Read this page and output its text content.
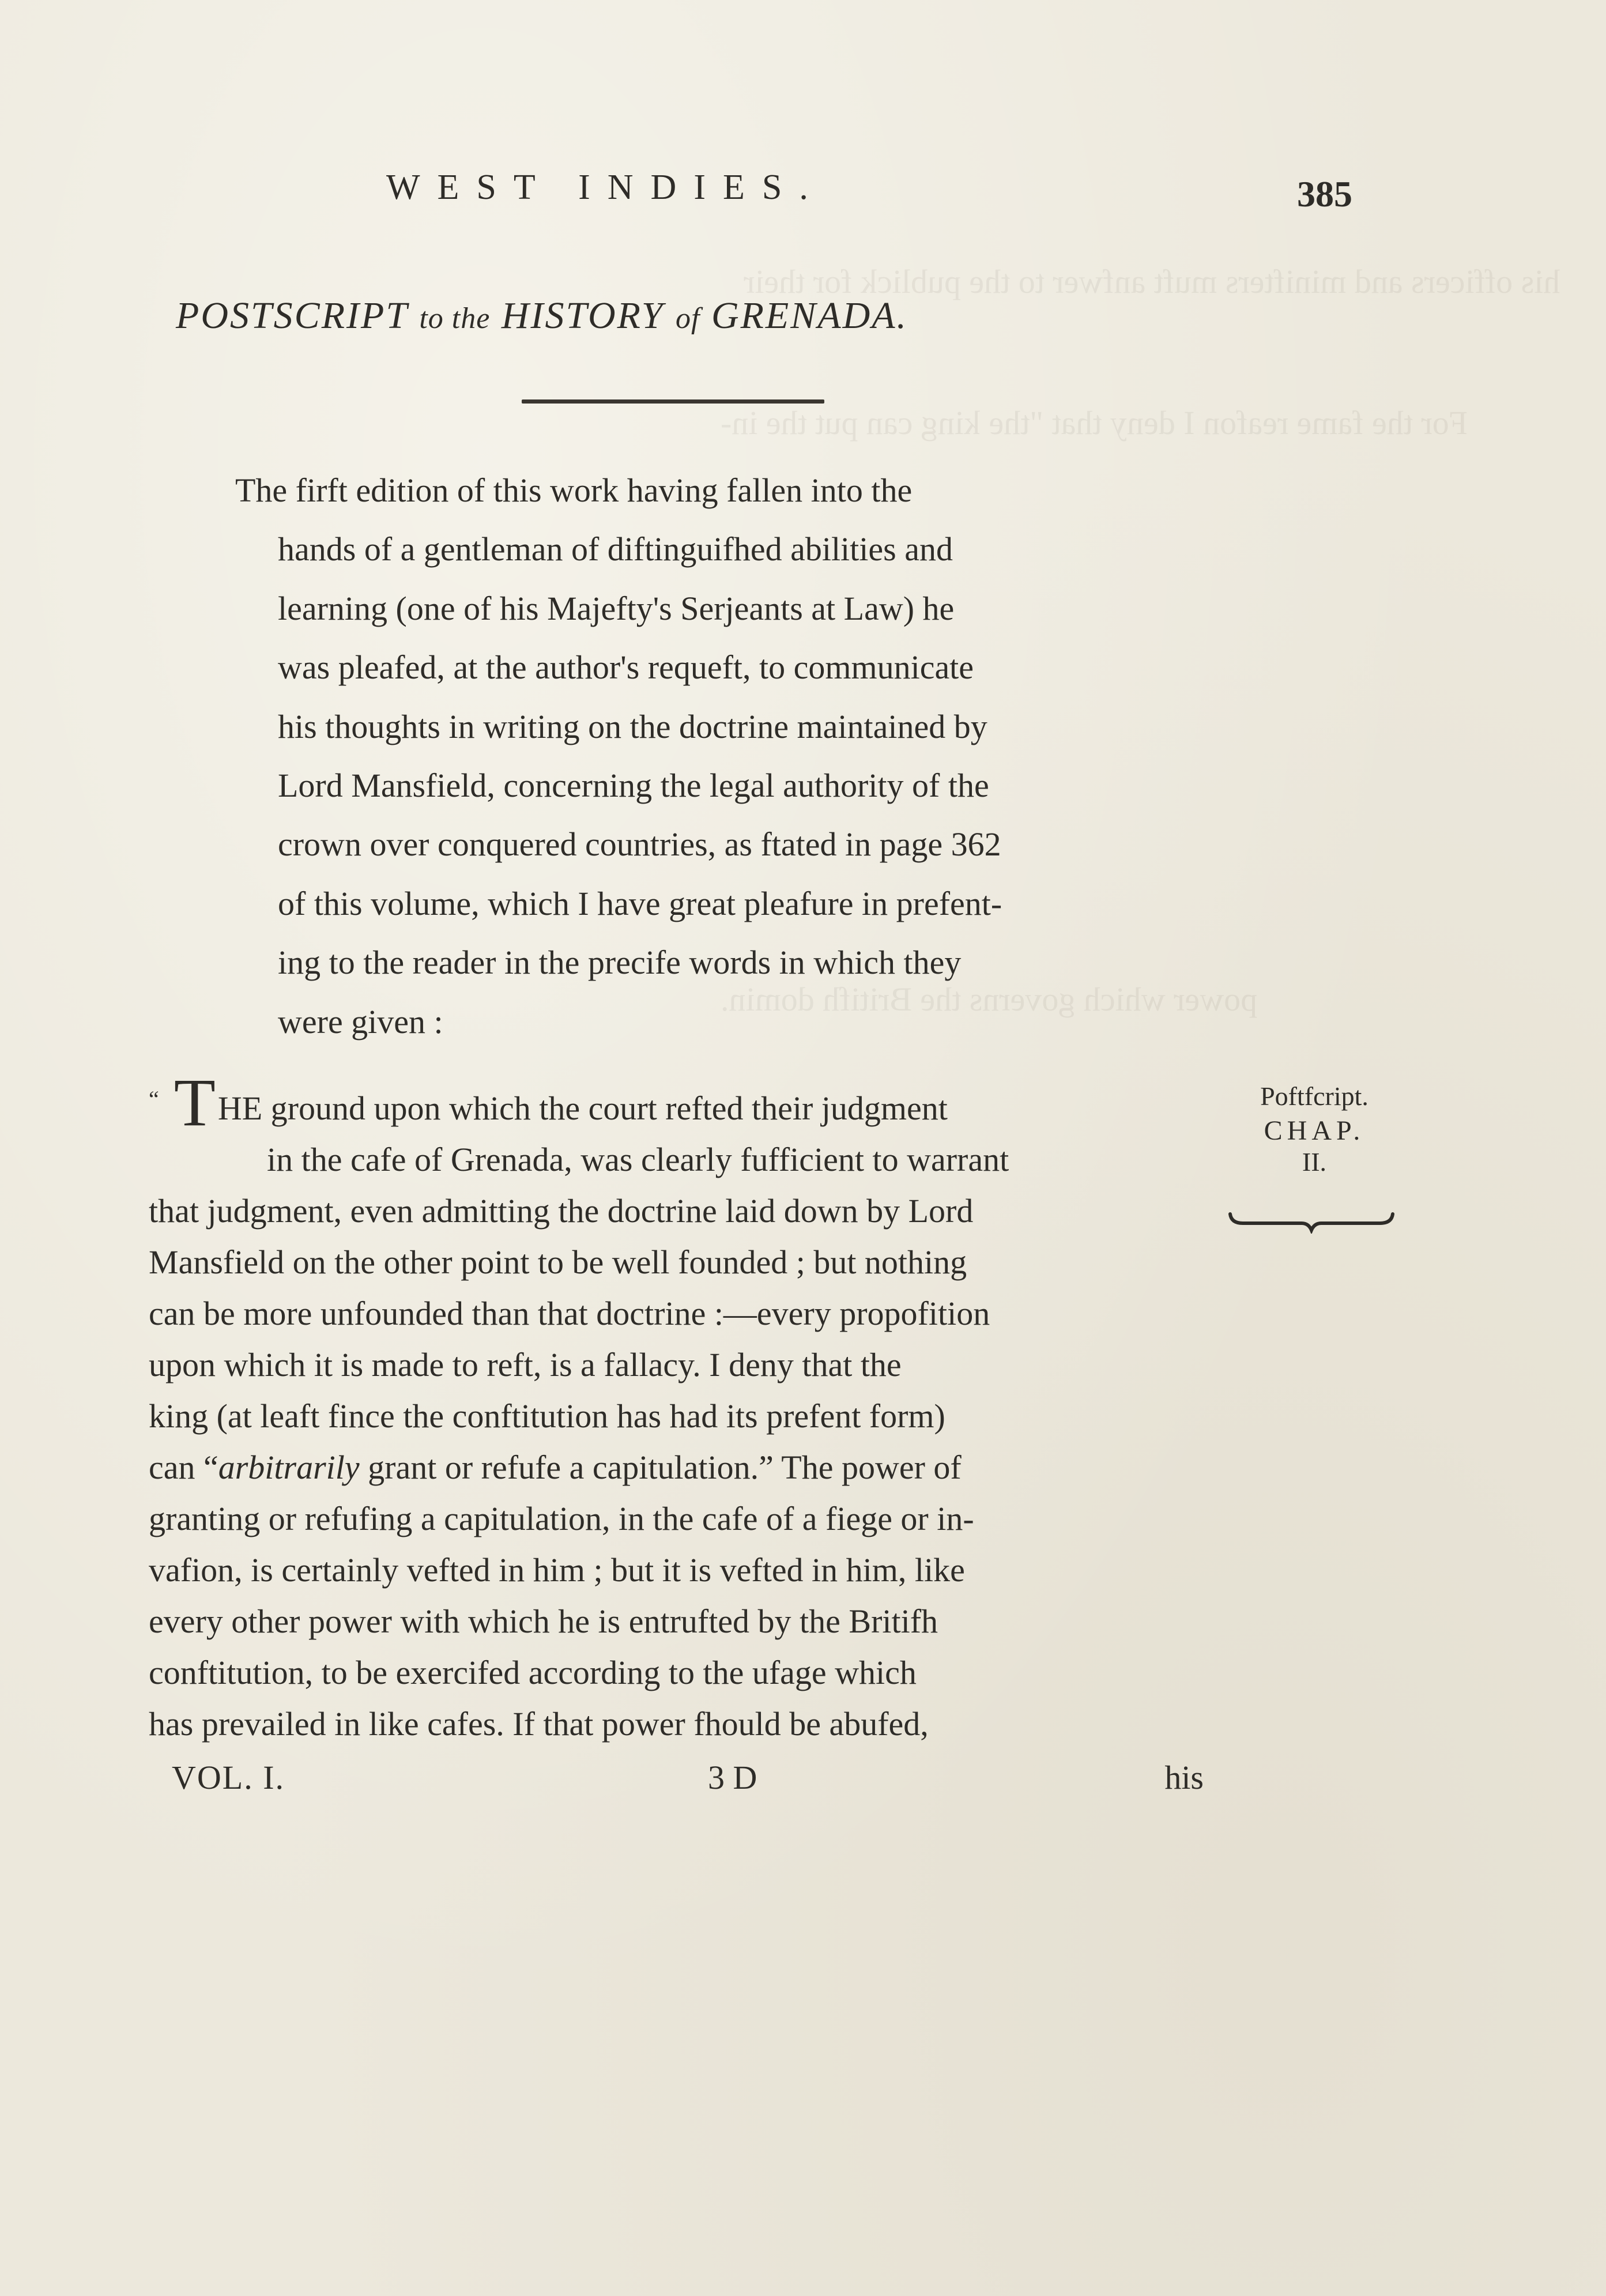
his officers and minifters muft anfwer to the publick for their
For the fame reafon I deny that "the king can put the in-
power which governs the Britifh domin.
WEST INDIES.	385
POSTSCRIPT to the HISTORY of GRENADA.
The firft edition of this work having fallen into the
hands of a gentleman of diftinguifhed abilities and
learning (one of his Majefty's Serjeants at Law) he
was pleafed, at the author's requeft, to communicate
his thoughts in writing on the doctrine maintained by
Lord Mansfield, concerning the legal authority of the
crown over conquered countries, as ftated in page 362
of this volume, which I have great pleafure in prefent-
ing to the reader in the precife words in which they
were given :
“ THE ground upon which the court refted their judgment
in the cafe of Grenada, was clearly fufficient to warrant
that judgment, even admitting the doctrine laid down by Lord
Mansfield on the other point to be well founded ; but nothing
can be more unfounded than that doctrine :—every propofition
upon which it is made to reft, is a fallacy. I deny that the
king (at leaft fince the conftitution has had its prefent form)
can “arbitrarily grant or refufe a capitulation.” The power of
granting or refufing a capitulation, in the cafe of a fiege or in-
vafion, is certainly vefted in him ; but it is vefted in him, like
every other power with which he is entrufted by the Britifh
conftitution, to be exercifed according to the ufage which
has prevailed in like cafes. If that power fhould be abufed,
Poftfcript.
CHAP.
II.
VOL. I.	3 D	his
